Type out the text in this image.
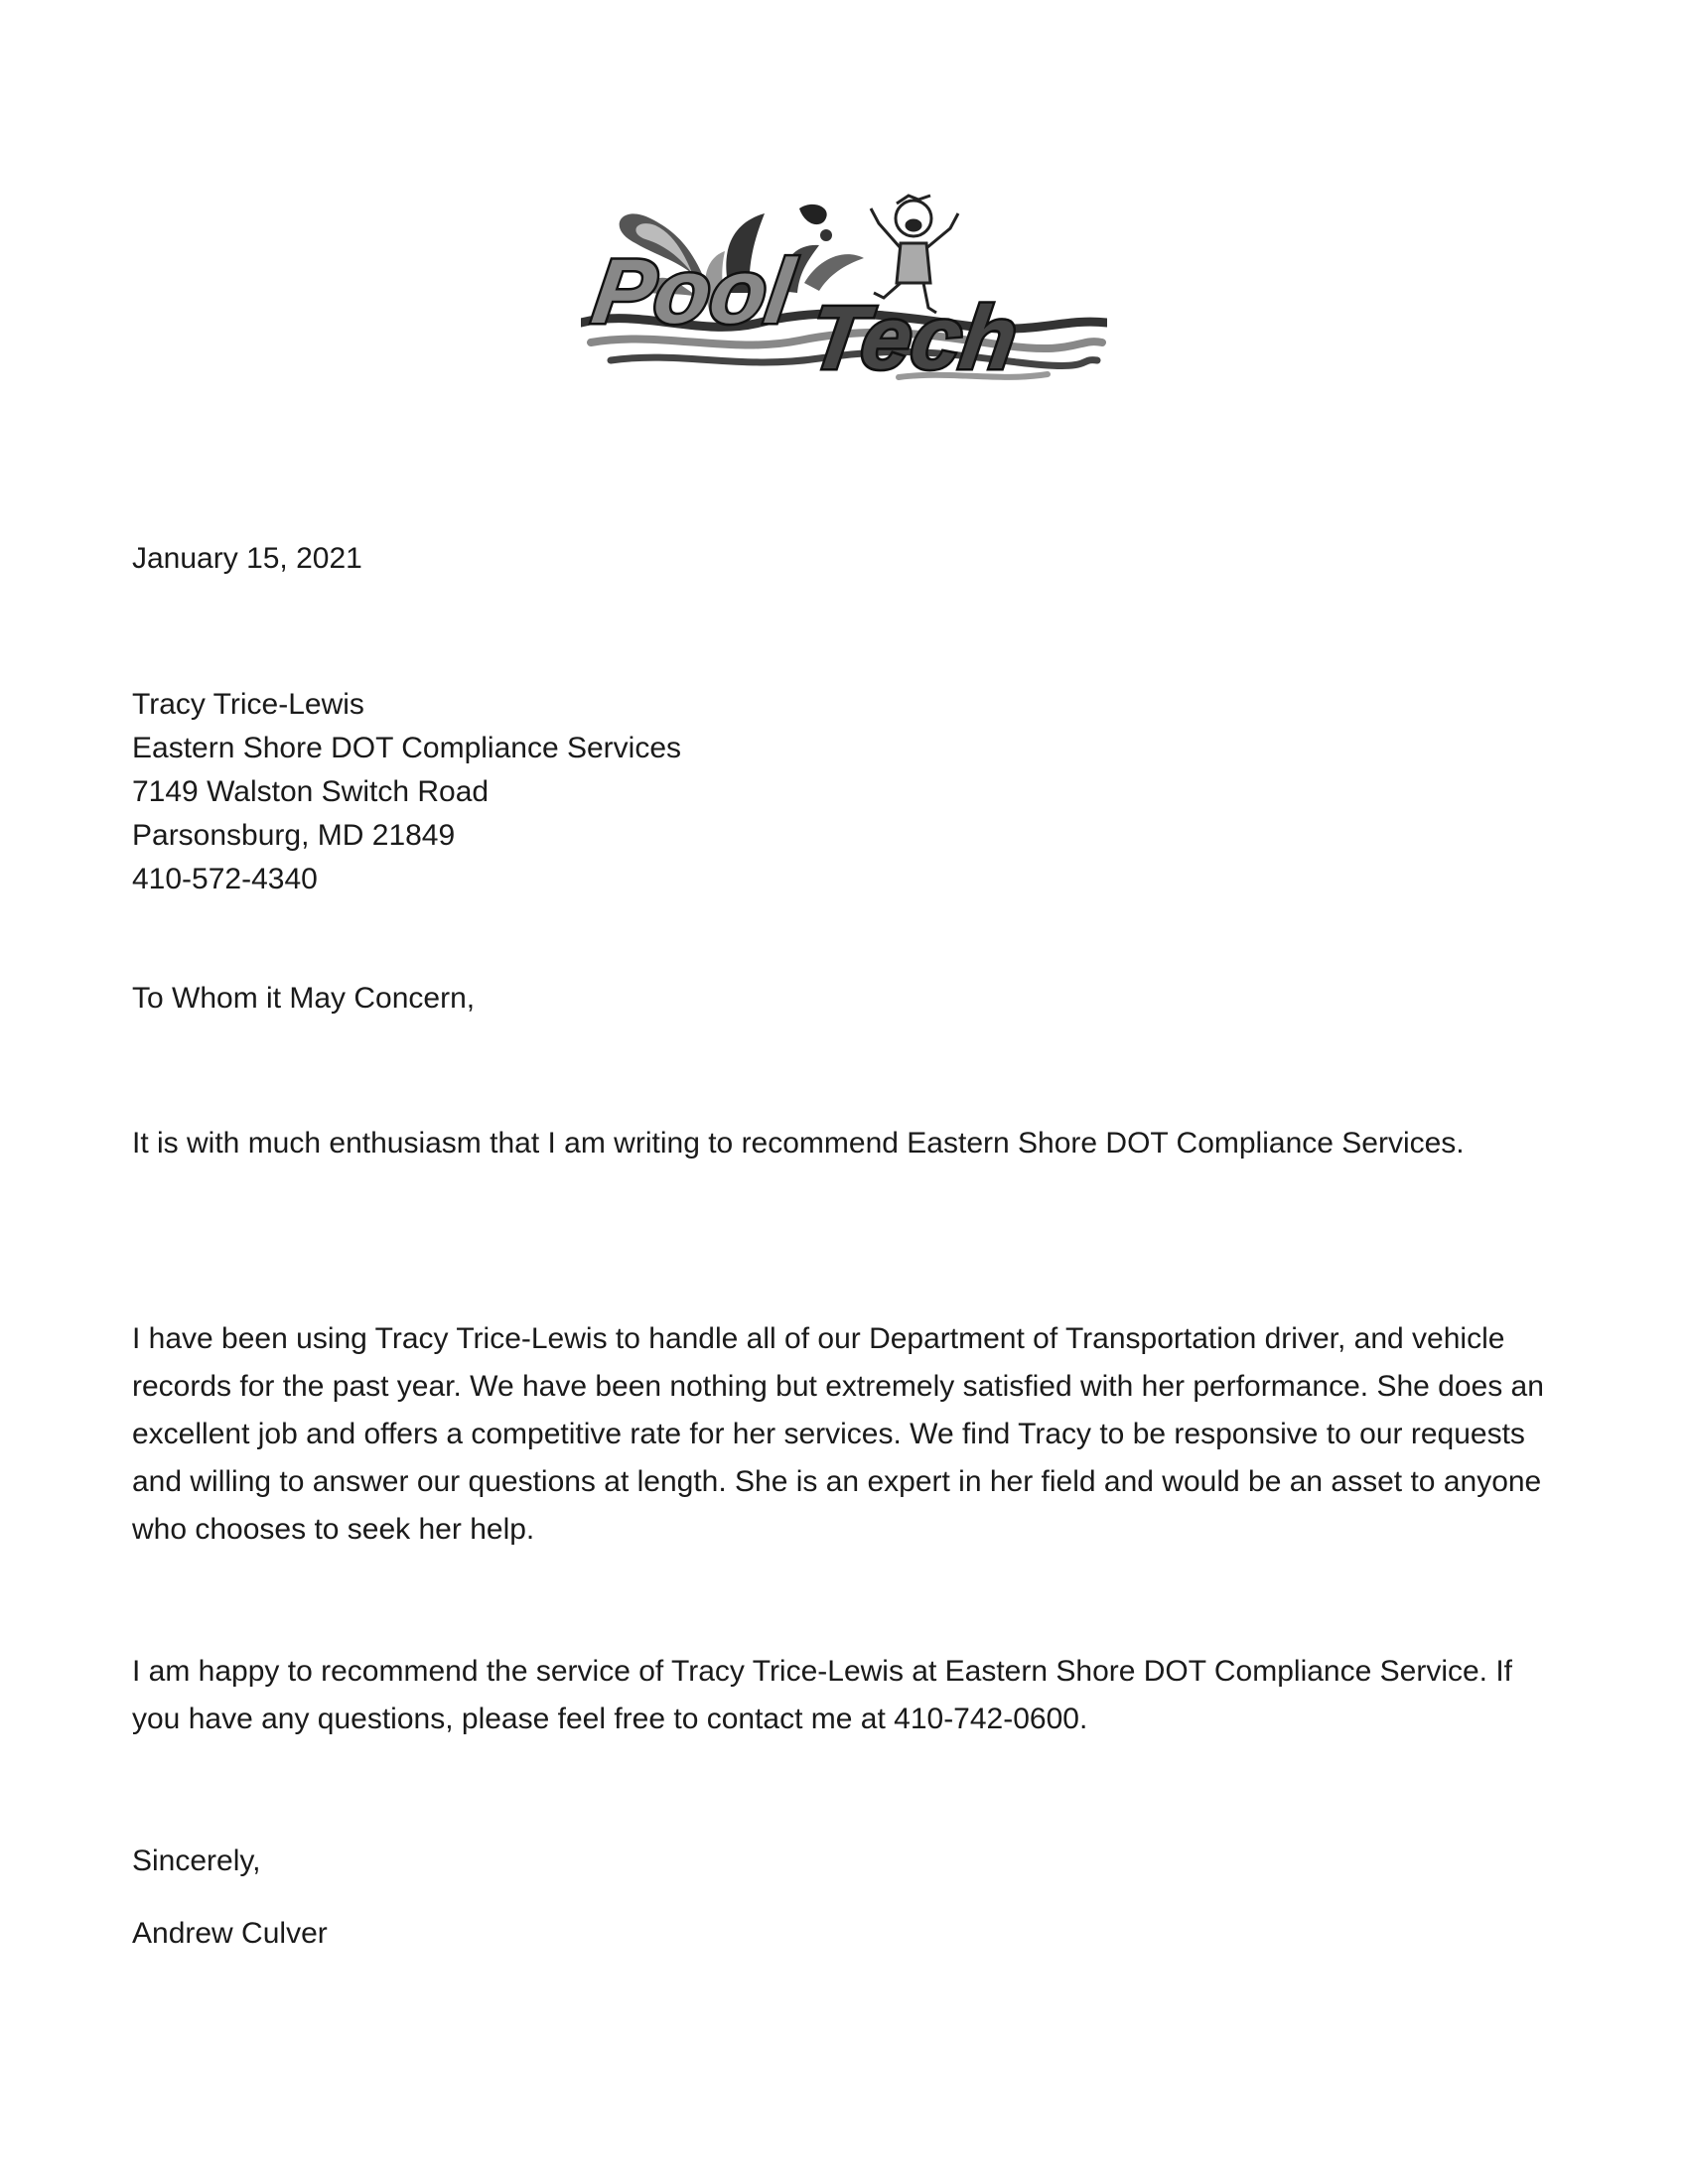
Pool Tech

January 15, 2021

Tracy Trice-Lewis
Eastern Shore DOT Compliance Services
7149 Walston Switch Road
Parsonsburg, MD 21849
410-572-4340

To Whom it May Concern,

It is with much enthusiasm that I am writing to recommend Eastern Shore DOT Compliance Services.

I have been using Tracy Trice-Lewis to handle all of our Department of Transportation driver, and vehicle records for the past year. We have been nothing but extremely satisfied with her performance. She does an excellent job and offers a competitive rate for her services. We find Tracy to be responsive to our requests and willing to answer our questions at length. She is an expert in her field and would be an asset to anyone who chooses to seek her help.

I am happy to recommend the service of Tracy Trice-Lewis at Eastern Shore DOT Compliance Service. If you have any questions, please feel free to contact me at 410-742-0600.

Sincerely,

Andrew Culver
